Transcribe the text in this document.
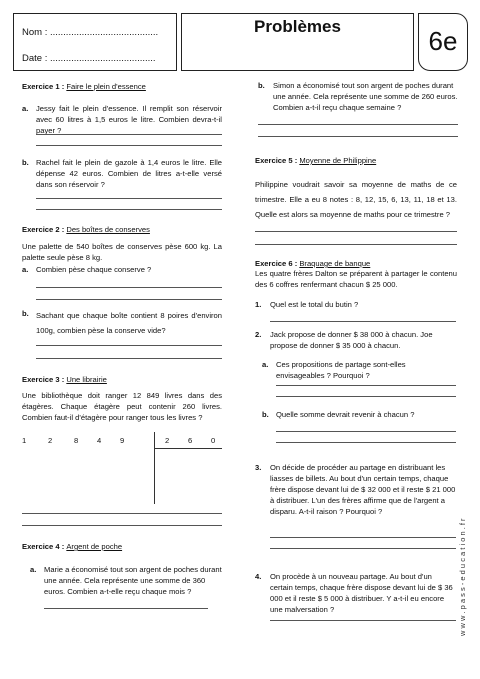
Nom : .........................................
Date : ........................................
Problèmes	6e
Exercice 1 : Faire le plein d'essence
a. Jessy fait le plein d'essence. Il remplit son réservoir avec 60 litres à 1,5 euros le litre. Combien devra-t-il payer ?
b. Rachel fait le plein de gazole à 1,4 euros le litre. Elle dépense 42 euros. Combien de litres a-t-elle versé dans son réservoir ?
Exercice 2 : Des boîtes de conserves
Une palette de 540 boîtes de conserves pèse 600 kg. La palette seule pèse 8 kg.
a. Combien pèse chaque conserve ?
b. Sachant que chaque boîte contient 8 poires d'environ 100g, combien pèse la conserve vide?
Exercice 3 : Une librairie
Une bibliothèque doit ranger 12 849 livres dans des étagères. Chaque étagère peut contenir 260 livres. Combien faut-il d'étagère pour ranger tous les livres ?
1	2	8 4 9	2 6 0
Exercice 4 : Argent de poche
a. Marie a économisé tout son argent de poches durant une année. Cela représente une somme de 360 euros. Combien a-t-elle reçu chaque mois ?
b. Simon a économisé tout son argent de poches durant une année. Cela représente une somme de 260 euros. Combien a-t-il reçu chaque semaine ?
Exercice 5 : Moyenne de Philippine
Philippine voudrait savoir sa moyenne de maths de ce trimestre. Elle a eu 8 notes : 8, 12, 15, 6, 13, 11, 18 et 13. Quelle est alors sa moyenne de maths pour ce trimestre ?
Exercice 6 : Braquage de banque
Les quatre frères Dalton se préparent à partager le contenu des 6 coffres renfermant chacun $ 25 000.
1. Quel est le total du butin ?
2. Jack propose de donner $ 38 000 à chacun. Joe propose de donner $ 35 000 à chacun.
a. Ces propositions de partage sont-elles envisageables ? Pourquoi ?
b. Quelle somme devrait revenir à chacun ?
3. On décide de procéder au partage en distribuant les liasses de billets. Au bout d'un certain temps, chaque frère dispose devant lui de $ 32 000 et il reste $ 21 000 à distribuer. L'un des frères affirme que de l'argent a disparu. A-t-il raison ? Pourquoi ?
4. On procède à un nouveau partage. Au bout d'un certain temps, chaque frère dispose devant lui de $ 36 000 et il reste $ 5 000 à distribuer. Y a-t-il eu encore une malversation ?	w w w . p a s s - e d u c a t i o n . f r
